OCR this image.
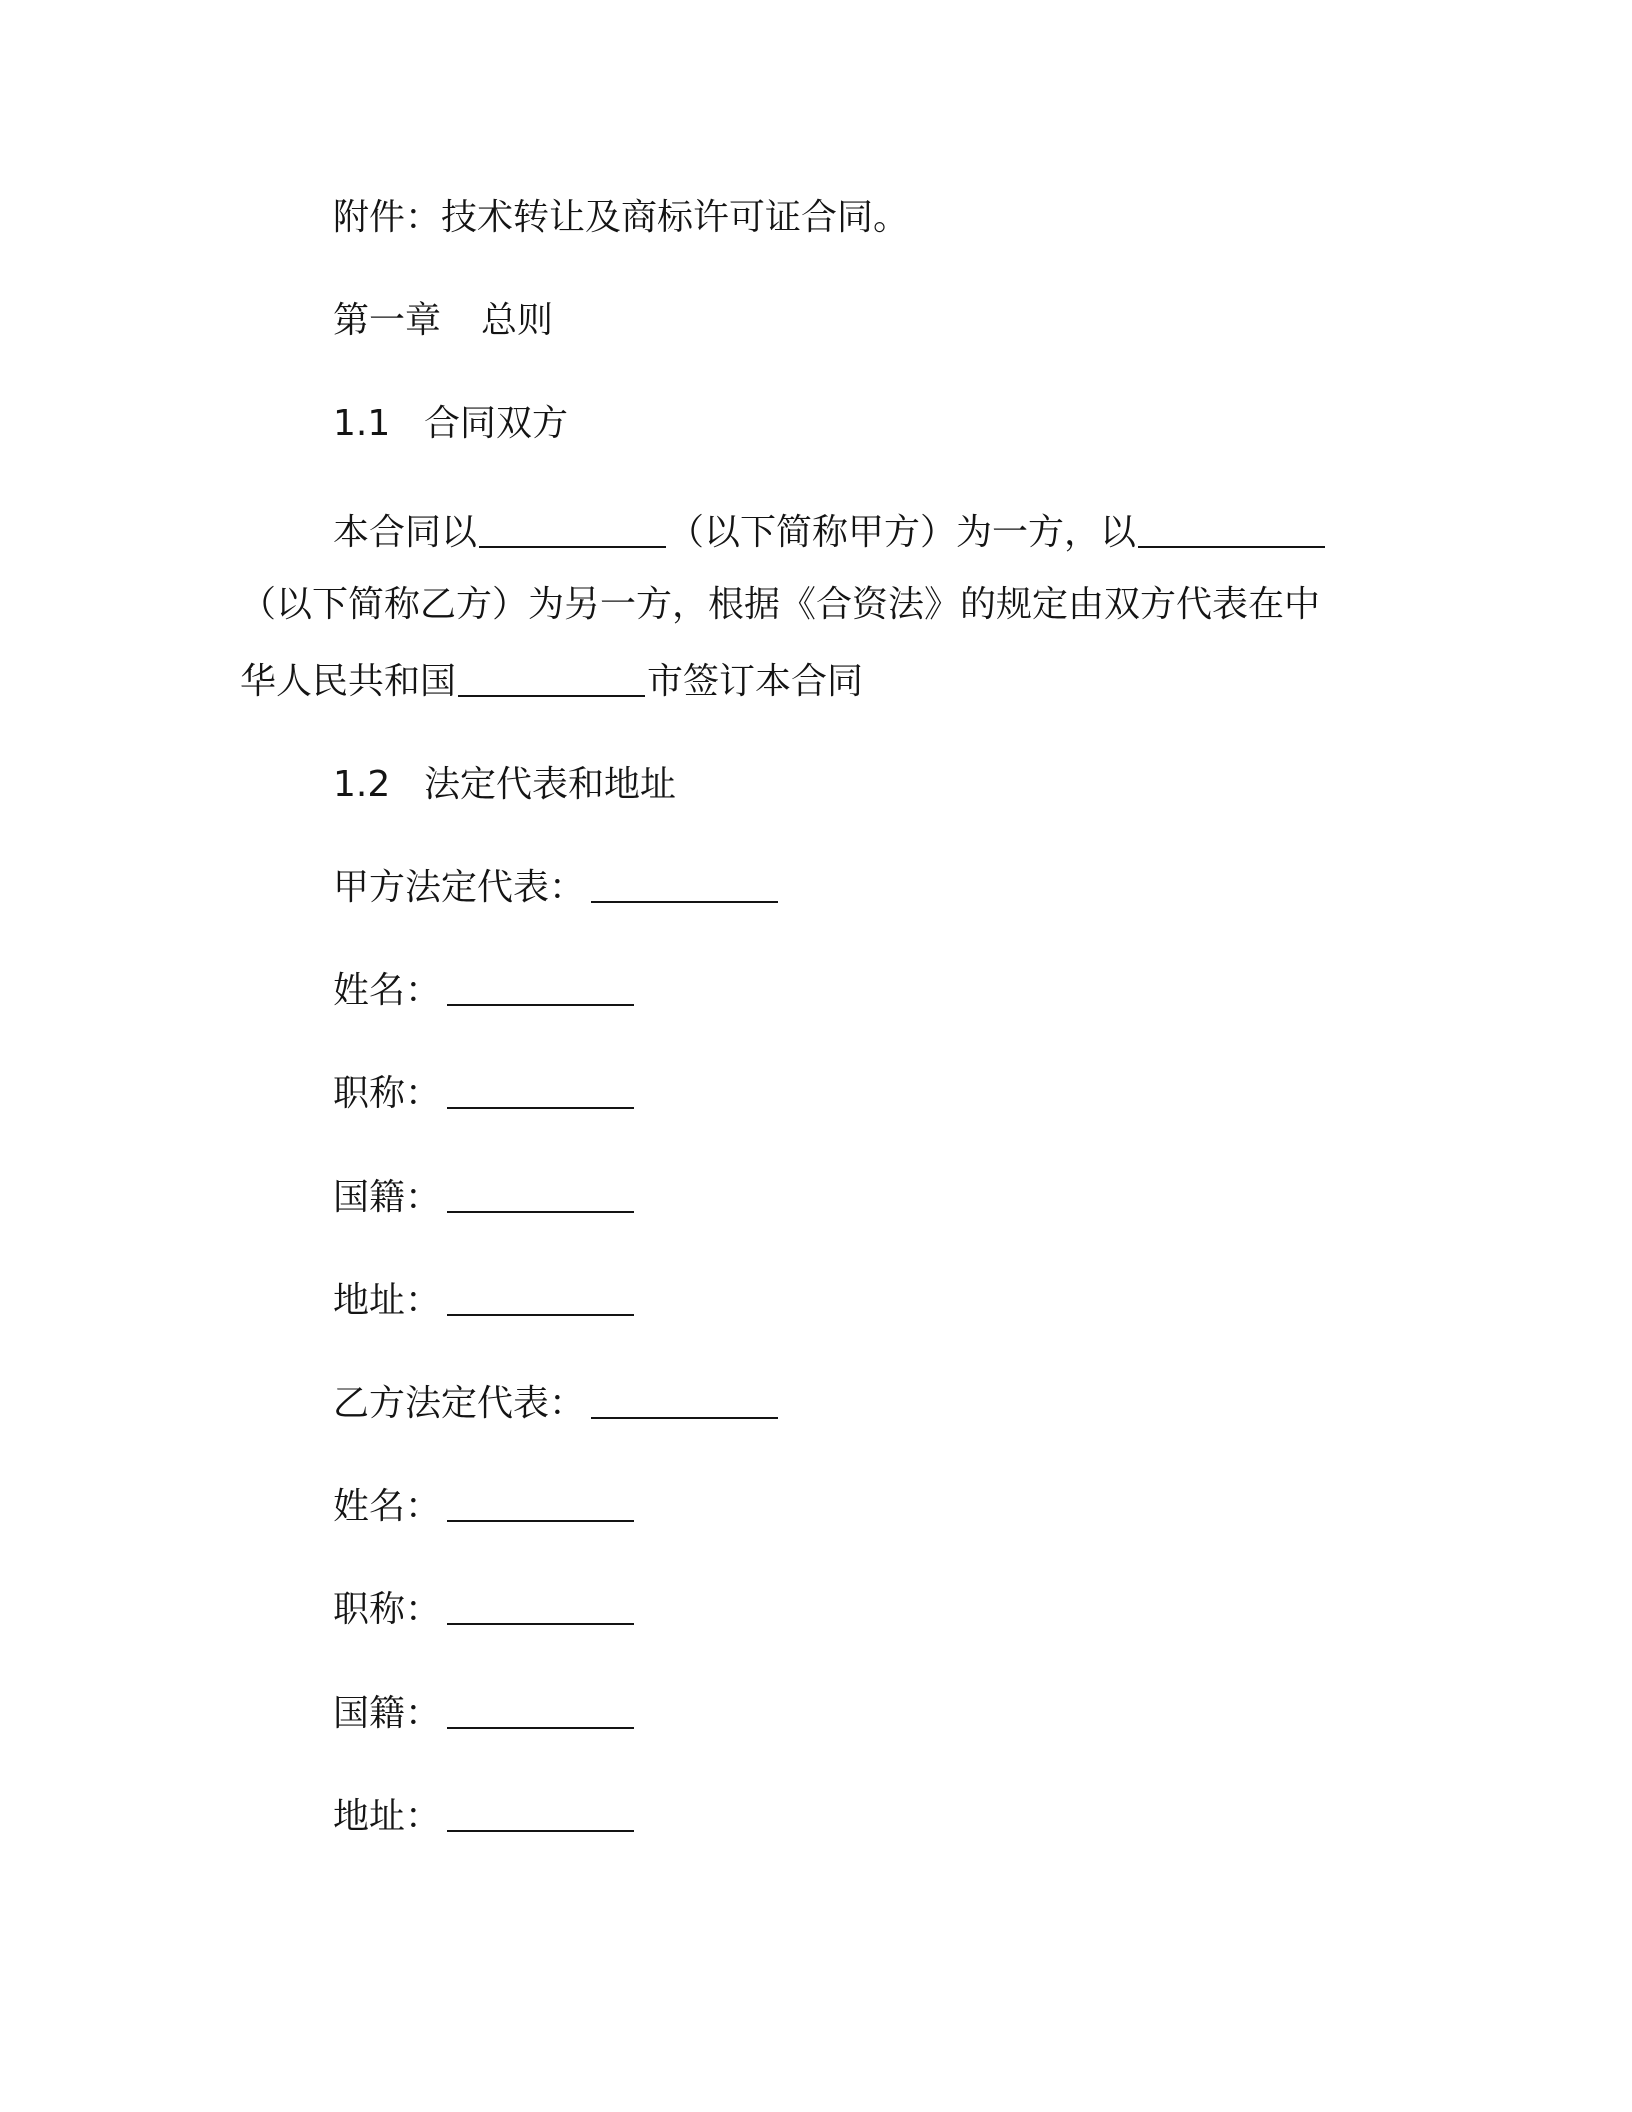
附件：技术转让及商标许可证合同。

第一章 总则

1.1 合同双方

本合同以	（以下简称甲方）为一方，以

（以下简称乙方）为另一方，根据《合资法》的规定由双方代表在中

华人民共和国	市签订本合同

1.2 法定代表和地址

甲方法定代表：

姓名：

职称：

国籍：

地址：

乙方法定代表：

姓名：

职称：

国籍：

地址：
